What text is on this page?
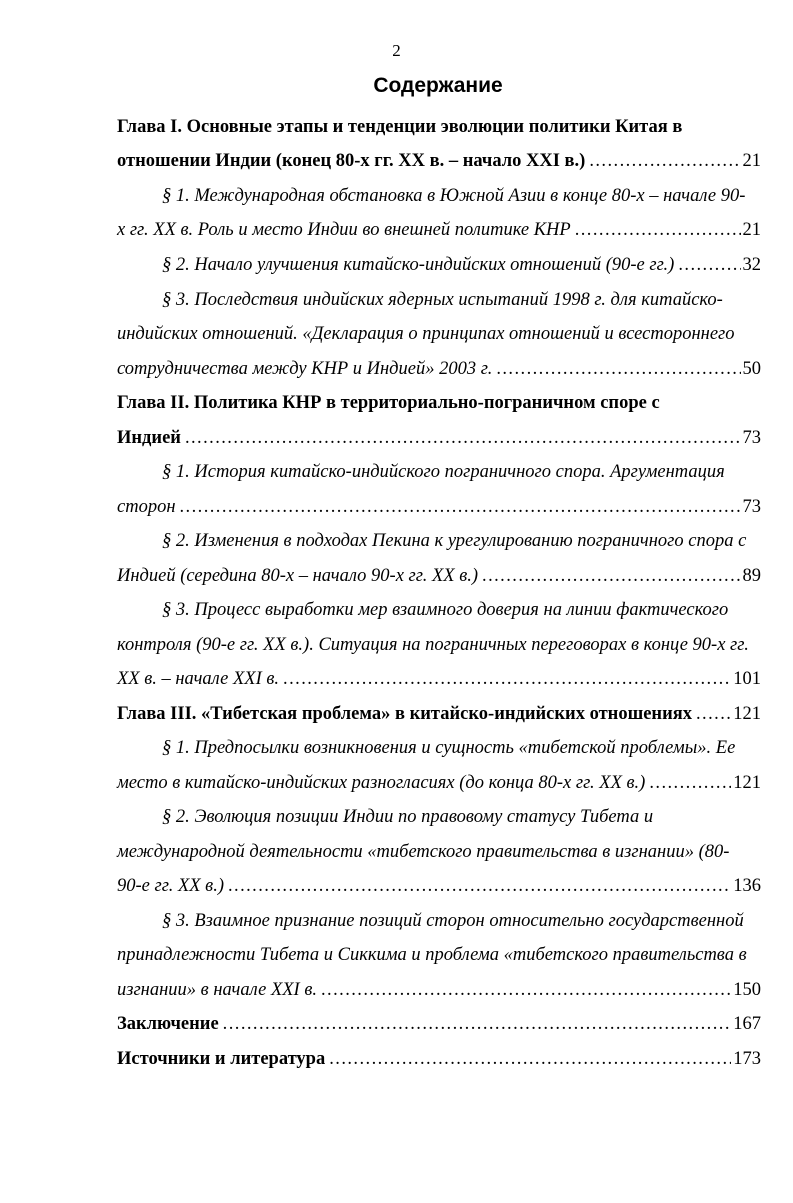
2
Содержание
Глава I. Основные этапы и тенденции эволюции политики Китая в
отношении Индии (конец 80-х гг. XX в. – начало XXI в.) . . .	21
§ 1. Международная обстановка в Южной Азии в конце 80-х – начале 90-
х гг. XX в. Роль и место Индии во внешней политике КНР . . .	21
§ 2. Начало улучшения китайско-индийских отношений (90-е гг.) . . .	32
§ 3. Последствия индийских ядерных испытаний 1998 г. для китайско-
индийских отношений. «Декларация о принципах отношений и всестороннего
сотрудничества между КНР и Индией» 2003 г. . . .	50
Глава II. Политика КНР в территориально-пограничном споре с
Индией . . .	73
§ 1. История китайско-индийского пограничного спора. Аргументация
сторон . . .	73
§ 2. Изменения в подходах Пекина к урегулированию пограничного спора с
Индией (середина 80-х – начало 90-х гг. XX в.) . . .	89
§ 3. Процесс выработки мер взаимного доверия на линии фактического
контроля (90-е гг. XX в.). Ситуация на пограничных переговорах в конце 90-х гг.
XX в. – начале XXI в. . . .	101
Глава III. «Тибетская проблема» в китайско-индийских отношениях . . . 121
§ 1. Предпосылки возникновения и сущность «тибетской проблемы». Ее
место в китайско-индийских разногласиях (до конца 80-х гг. XX в.) . . .	121
§ 2. Эволюция позиции Индии по правовому статусу Тибета и
международной деятельности «тибетского правительства в изгнании» (80-
90-е гг. XX в.) . . .	136
§ 3. Взаимное признание позиций сторон относительно государственной
принадлежности Тибета и Сиккима и проблема «тибетского правительства в
изгнании» в начале XXI в. . . .	150
Заключение . . .	167
Источники и литература . . .	173
